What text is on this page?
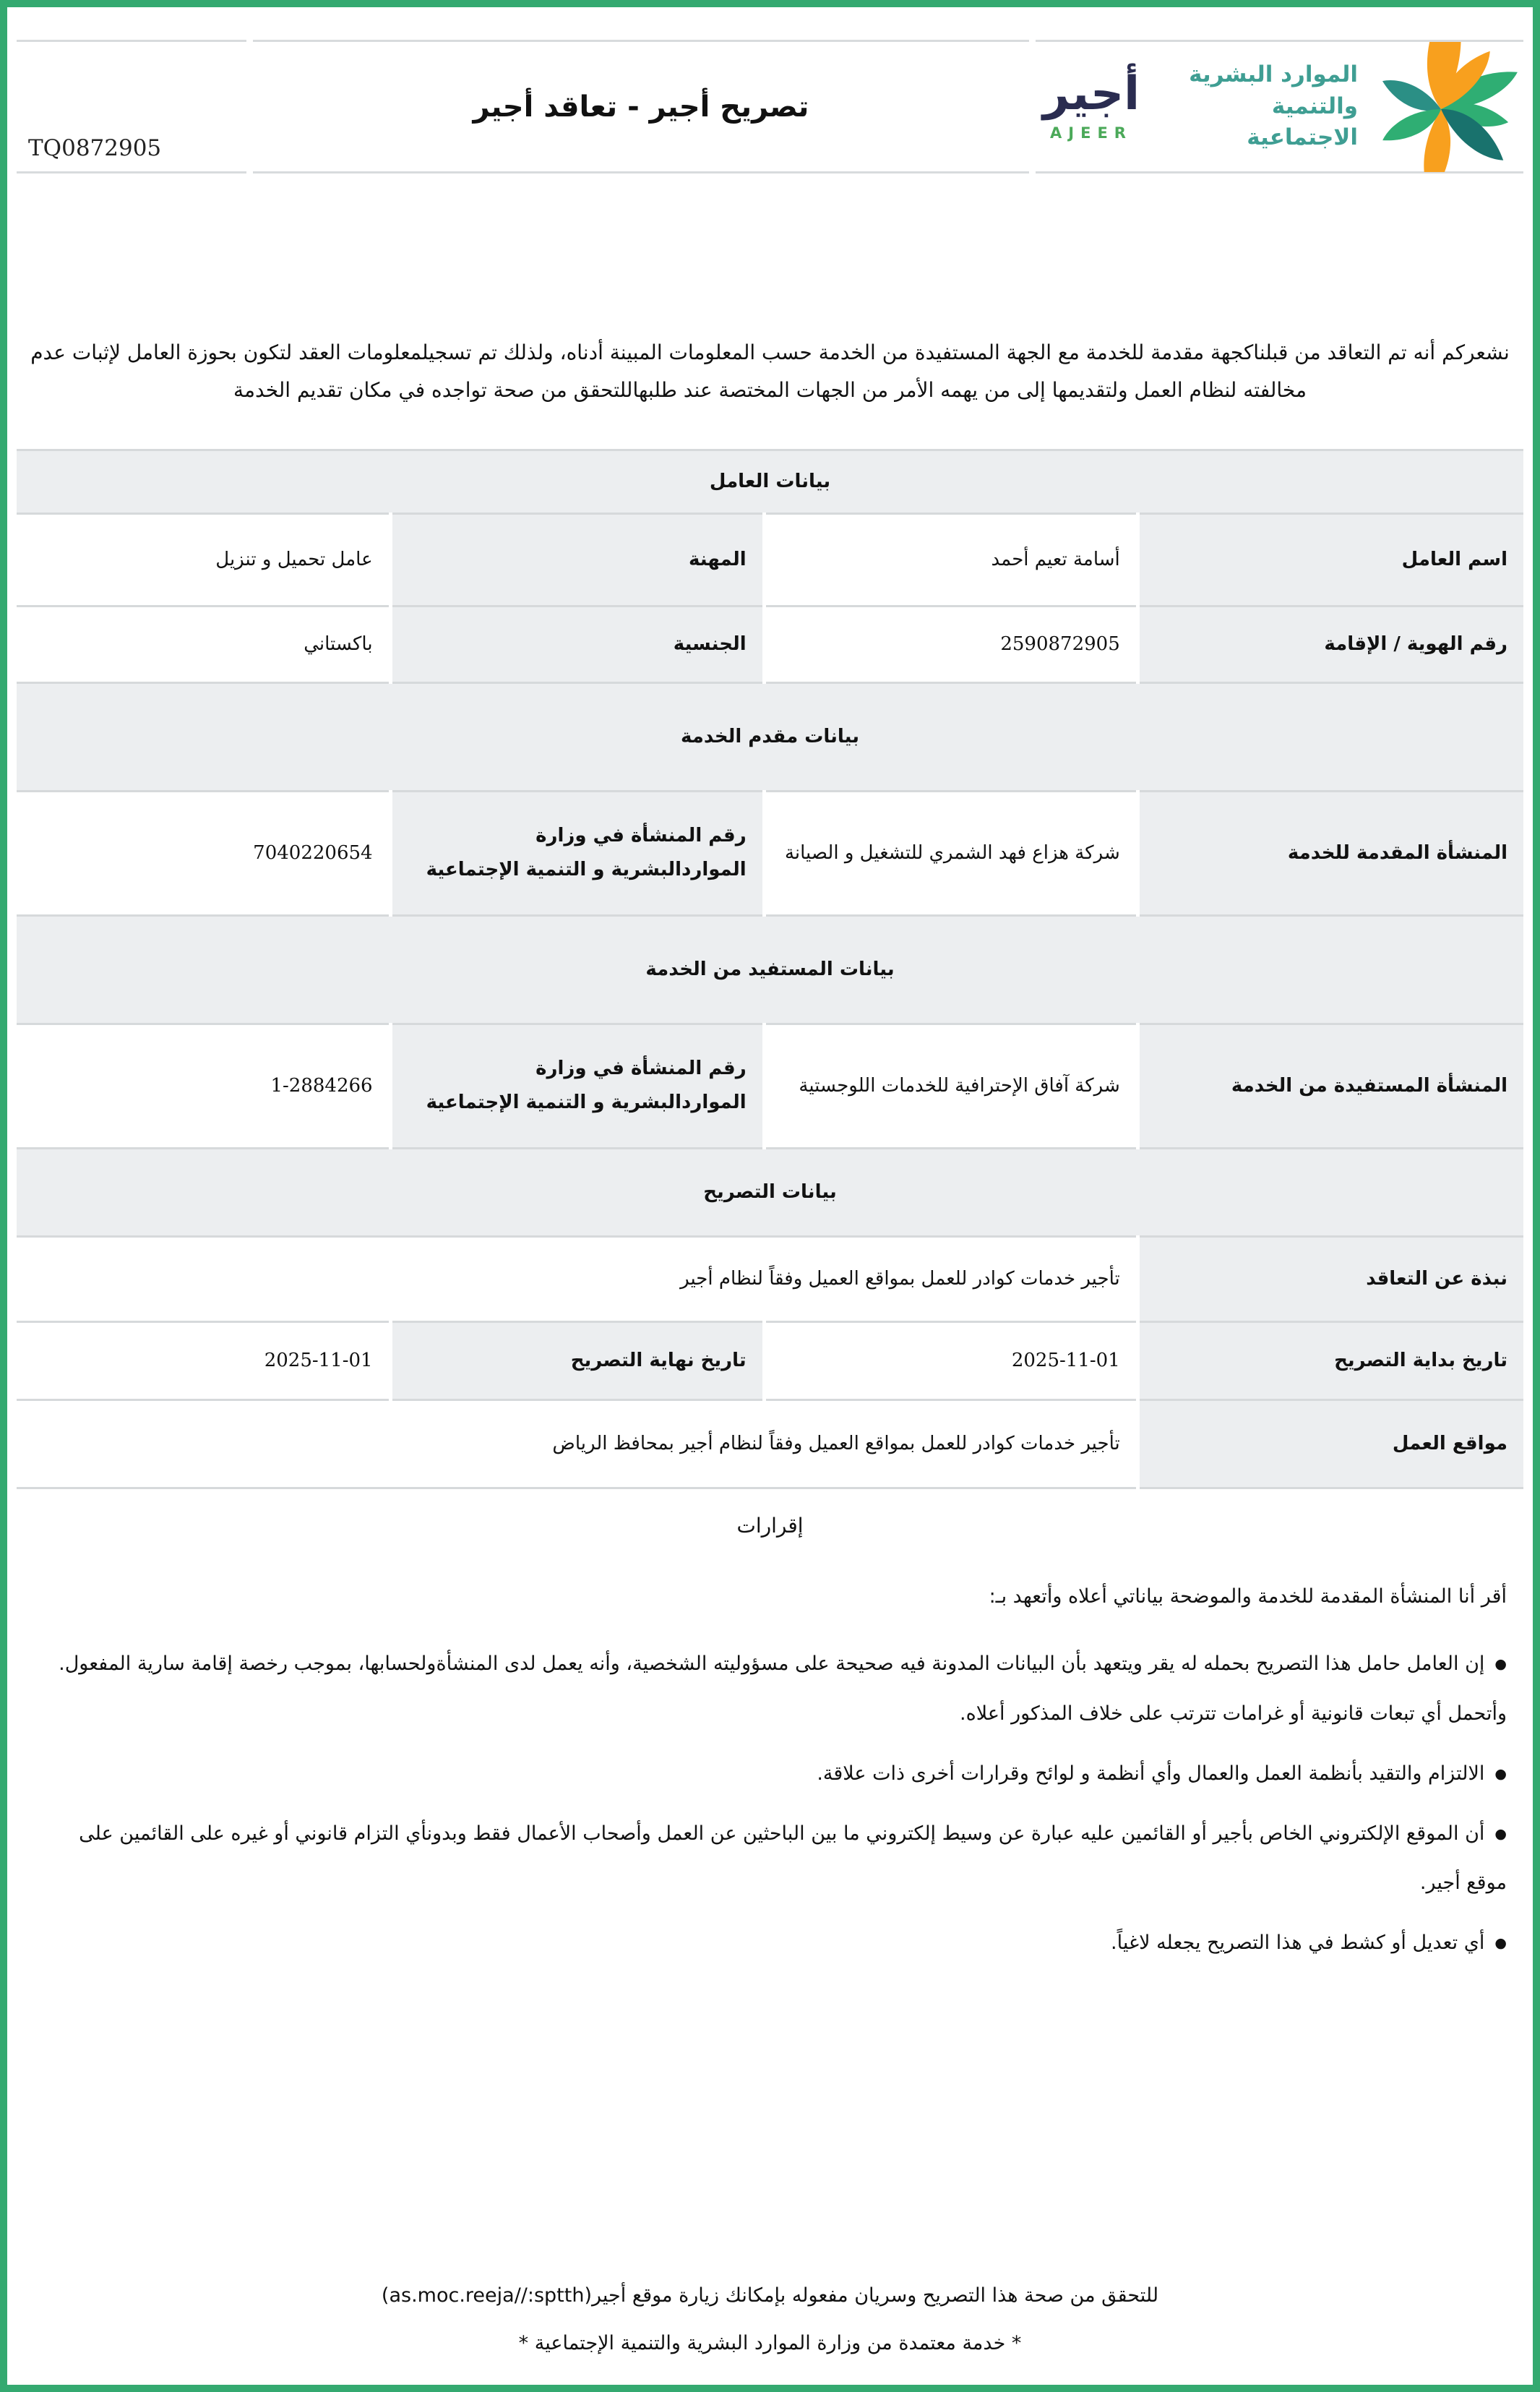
TQ0872905
تصريح أجير - تعاقد أجير	أجير
AJEER
الموارد البشرية
والتنمية الاجتماعية

نشعركم أنه تم التعاقد من قبلناكجهة مقدمة للخدمة مع الجهة المستفيدة من الخدمة حسب المعلومات المبينة أدناه، ولذلك تم تسجيلمعلومات العقد لتكون بحوزة العامل لإثبات عدم مخالفته لنظام العمل ولتقديمها إلى من يهمه الأمر من الجهات المختصة عند طلبهاللتحقق من صحة تواجده في مكان تقديم الخدمة

بيانات العامل			
اسم العامل	أسامة تعيم أحمد	المهنة	عامل تحميل و تنزيل
رقم الهوية / الإقامة	2590872905	الجنسية	باكستاني
بيانات مقدم الخدمة			
المنشأة المقدمة للخدمة	شركة هزاع فهد الشمري للتشغيل و الصيانة	رقم المنشأة في وزارة المواردالبشرية و التنمية الإجتماعية	7040220654
بيانات المستفيد من الخدمة			
المنشأة المستفيدة من الخدمة	شركة آفاق الإحترافية للخدمات اللوجستية	رقم المنشأة في وزارة المواردالبشرية و التنمية الإجتماعية	1-2884266
بيانات التصريح			
نبذة عن التعاقد	تأجير خدمات كوادر للعمل بمواقع العميل وفقاً لنظام أجير		
تاريخ بداية التصريح	2025-11-01	تاريخ نهاية التصريح	2025-11-01
مواقع العمل	تأجير خدمات كوادر للعمل بمواقع العميل وفقاً لنظام أجير بمحافظ الرياض		
إقرارات
أقر أنا المنشأة المقدمة للخدمة والموضحة بياناتي أعلاه وأتعهد بـ:
●إن العامل حامل هذا التصريح بحمله له يقر ويتعهد بأن البيانات المدونة فيه صحيحة على مسؤوليته الشخصية، وأنه يعمل لدى المنشأةولحسابها، بموجب رخصة إقامة سارية المفعول. وأتحمل أي تبعات قانونية أو غرامات تترتب على خلاف المذكور أعلاه.
●الالتزام والتقيد بأنظمة العمل والعمال وأي أنظمة و لوائح وقرارات أخرى ذات علاقة.
●أن الموقع الإلكتروني الخاص بأجير أو القائمين عليه عبارة عن وسيط إلكتروني ما بين الباحثين عن العمل وأصحاب الأعمال فقط وبدونأي التزام قانوني أو غيره على القائمين على موقع أجير.
●أي تعديل أو كشط في هذا التصريح يجعله لاغياً.
للتحقق من صحة هذا التصريح وسريان مفعوله بإمكانك زيارة موقع أجير(as.moc.reeja//:sptth)
* خدمة معتمدة من وزارة الموارد البشرية والتنمية الإجتماعية *
